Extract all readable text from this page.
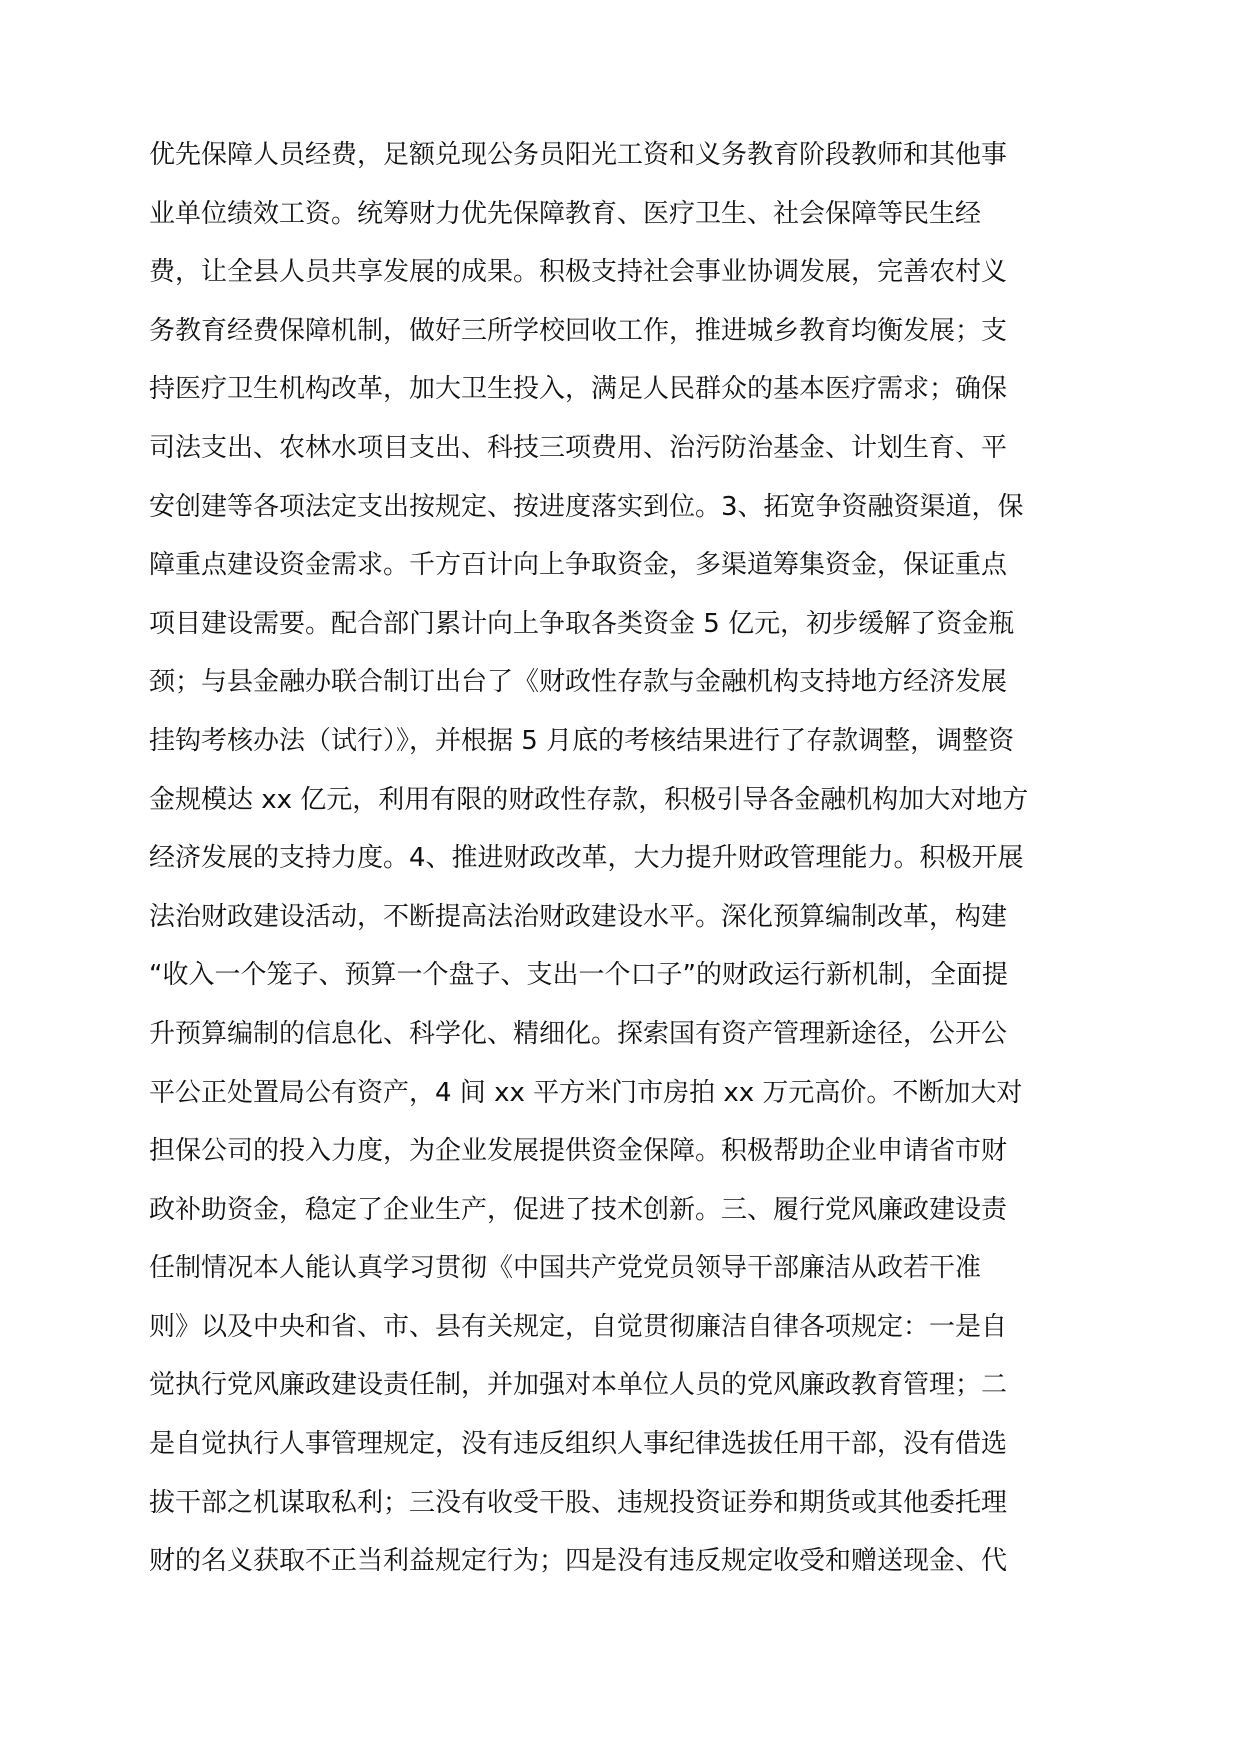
优先保障人员经费，足额兑现公务员阳光工资和义务教育阶段教师和其他事
业单位绩效工资。统筹财力优先保障教育、医疗卫生、社会保障等民生经
费，让全县人员共享发展的成果。积极支持社会事业协调发展，完善农村义
务教育经费保障机制，做好三所学校回收工作，推进城乡教育均衡发展；支
持医疗卫生机构改革，加大卫生投入，满足人民群众的基本医疗需求；确保
司法支出、农林水项目支出、科技三项费用、治污防治基金、计划生育、平
安创建等各项法定支出按规定、按进度落实到位。3、拓宽争资融资渠道，保
障重点建设资金需求。千方百计向上争取资金，多渠道筹集资金，保证重点
项目建设需要。配合部门累计向上争取各类资金 5 亿元，初步缓解了资金瓶
颈；与县金融办联合制订出台了《财政性存款与金融机构支持地方经济发展
挂钩考核办法（试行）》，并根据 5 月底的考核结果进行了存款调整，调整资
金规模达 xx 亿元，利用有限的财政性存款，积极引导各金融机构加大对地方
经济发展的支持力度。4、推进财政改革，大力提升财政管理能力。积极开展
法治财政建设活动，不断提高法治财政建设水平。深化预算编制改革，构建
“收入一个笼子、预算一个盘子、支出一个口子”的财政运行新机制，全面提
升预算编制的信息化、科学化、精细化。探索国有资产管理新途径，公开公
平公正处置局公有资产，4 间 xx 平方米门市房拍 xx 万元高价。不断加大对
担保公司的投入力度，为企业发展提供资金保障。积极帮助企业申请省市财
政补助资金，稳定了企业生产，促进了技术创新。三、履行党风廉政建设责
任制情况本人能认真学习贯彻《中国共产党党员领导干部廉洁从政若干准
则》以及中央和省、市、县有关规定，自觉贯彻廉洁自律各项规定：一是自
觉执行党风廉政建设责任制，并加强对本单位人员的党风廉政教育管理；二
是自觉执行人事管理规定，没有违反组织人事纪律选拔任用干部，没有借选
拔干部之机谋取私利；三没有收受干股、违规投资证券和期货或其他委托理
财的名义获取不正当利益规定行为；四是没有违反规定收受和赠送现金、代
